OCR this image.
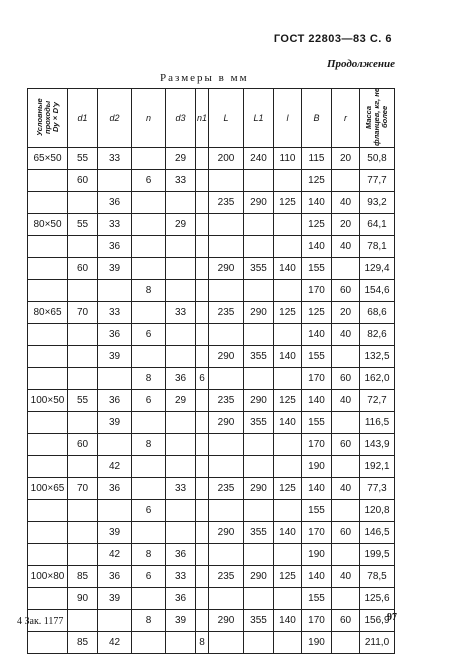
ГОСТ 22803—83 С. 6
Продолжение
Размеры в мм
Условные проходы
Dy×D'y	d1	d2	n	d3	n1	L	L1	l	B	r	Масса фланцев, кг, не более
65×50	55	33		29		200	240	110	115	20	50,8
	60		6	33					125		77,7
		36				235	290	125	140	40	93,2
80×50	55	33		29					125	20	64,1
		36							140	40	78,1
	60	39				290	355	140	155		129,4
			8						170	60	154,6
80×65	70	33		33		235	290	125	125	20	68,6
		36	6						140	40	82,6
		39				290	355	140	155		132,5
			8	36	6				170	60	162,0
100×50	55	36	6	29		235	290	125	140	40	72,7
		39				290	355	140	155		116,5
	60		8						170	60	143,9
		42							190		192,1
100×65	70	36		33		235	290	125	140	40	77,3
			6						155		120,8
		39				290	355	140	170	60	146,5
		42	8	36					190		199,5
100×80	85	36	6	33		235	290	125	140	40	78,5
	90	39		36					155		125,6
			8	39		290	355	140	170	60	156,9
	85	42			8				190		211,0
4 Зак. 1177	97
